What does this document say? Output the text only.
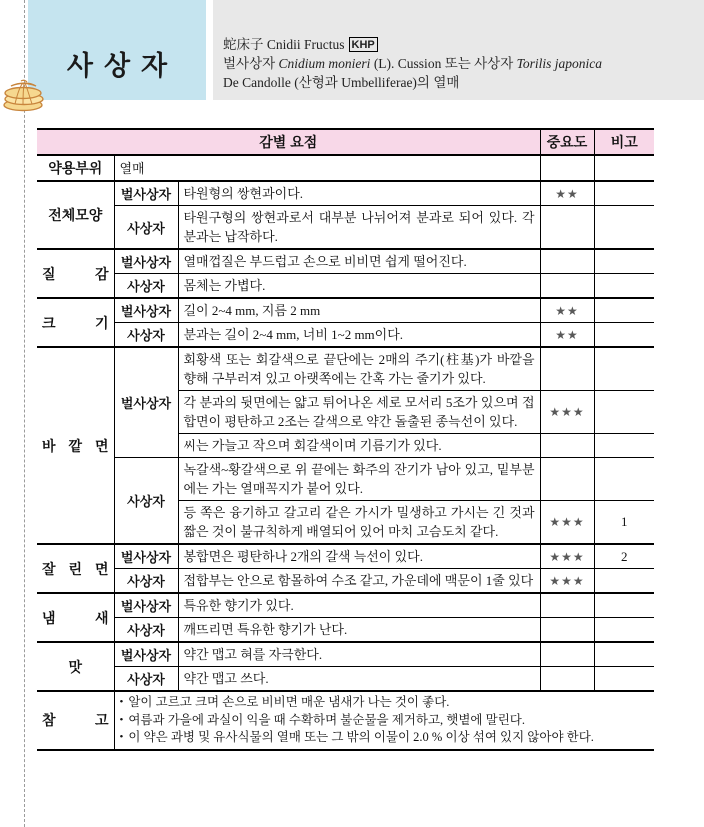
사상자
蛇床子 Cnidii Fructus KHP
벌사상자 Cnidium monieri (L). Cussion 또는 사상자 Torilis japonica
De Candolle (산형과 Umbelliferae)의 열매
감별 요점			중요도	비고
약용부위	열매			
전체모양	벌사상자	타원형의 쌍현과이다.	★★	
	사상자	타원구형의 쌍현과로서 대부분 나뉘어져 분과로 되어 있다. 각 분과는 납작하다.		
질 감	벌사상자	열매껍질은 부드럽고 손으로 비비면 쉽게 떨어진다.		
	사상자	몸체는 가볍다.		
크 기	벌사상자	길이 2~4 mm, 지름 2 mm	★★	
	사상자	분과는 길이 2~4 mm, 너비 1~2 mm이다.	★★	
바 깥 면	벌사상자	회황색 또는 회갈색으로 끝단에는 2매의 주기(柱基)가 바깥을 향해 구부러져 있고 아랫쪽에는 간혹 가는 줄기가 있다.		
		각 분과의 뒷면에는 얇고 튀어나온 세로 모서리 5조가 있으며 접합면이 평탄하고 2조는 갈색으로 약간 돌출된 종늑선이 있다.	★★★	
		씨는 가늘고 작으며 회갈색이며 기름기가 있다.		
	사상자	녹갈색~황갈색으로 위 끝에는 화주의 잔기가 남아 있고, 밑부분에는 가는 열매꼭지가 붙어 있다.		
		등 쪽은 융기하고 갈고리 같은 가시가 밀생하고 가시는 긴 것과 짧은 것이 불규칙하게 배열되어 있어 마치 고슴도치 같다.	★★★	1
잘 린 면	벌사상자	봉합면은 평탄하나 2개의 갈색 늑선이 있다.	★★★	2
	사상자	접합부는 안으로 함몰하여 수조 같고, 가운데에 맥문이 1줄 있다	★★★	
냄 새	벌사상자	특유한 향기가 있다.		
	사상자	깨뜨리면 특유한 향기가 난다.		
맛	벌사상자	약간 맵고 혀를 자극한다.		
	사상자	약간 맵고 쓰다.		
참 고	
• 알이 고르고 크며 손으로 비비면 매운 냄새가 나는 것이 좋다.
• 여름과 가을에 과실이 익을 때 수확하며 불순물을 제거하고, 햇볕에 말린다.
• 이 약은 과병 및 유사식물의 열매 또는 그 밖의 이물이 2.0 % 이상 섞여 있지 않아야 한다.
